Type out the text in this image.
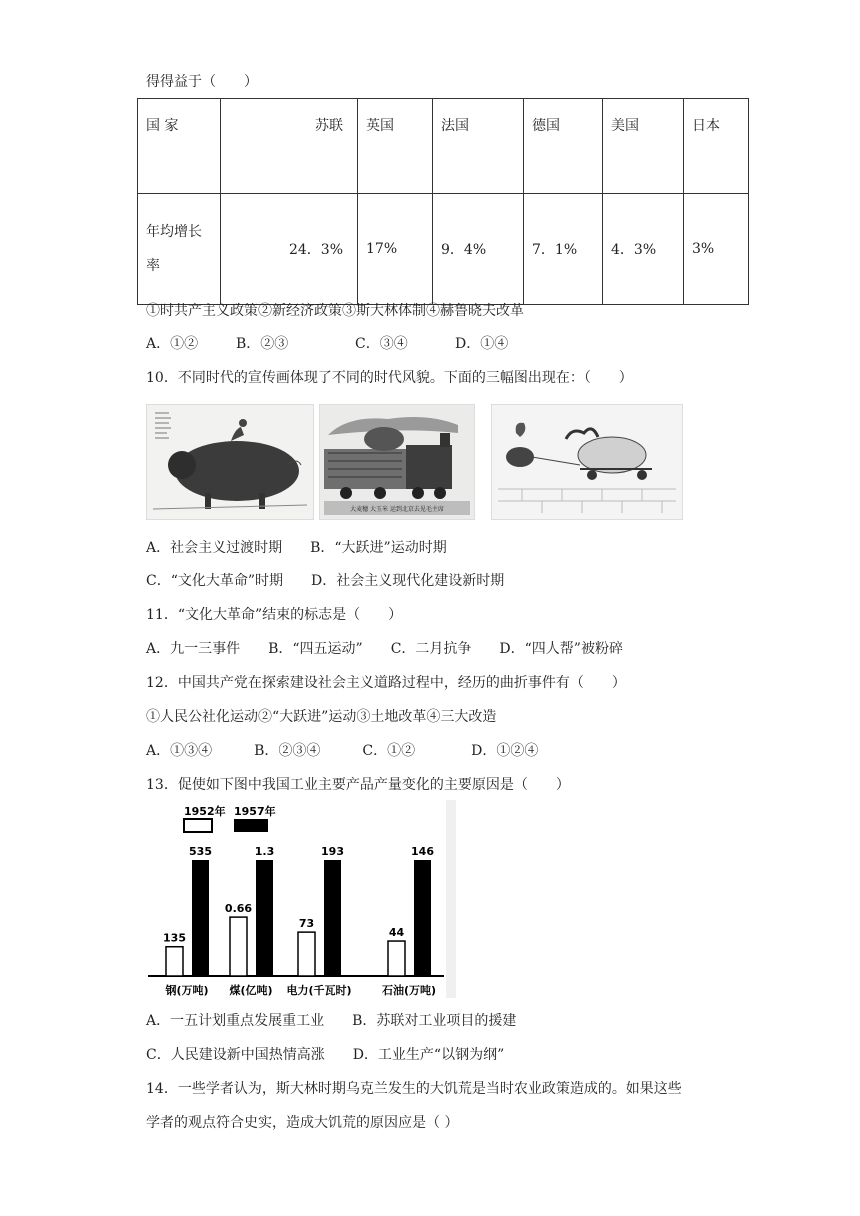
得得益于（　　）
国 家	苏联	英国	法国	德国	美国	日本
年均增长率	24．3%	17%	9．4%	7．1%	4．3%	3%
①时共产主义政策②新经济政策③斯大林体制④赫鲁晓夫改革
A．①②	B．②③	C．③④	D．①④
10．不同时代的宣传画体现了不同的时代风貌。下面的三幅图出现在：（　　）
大麦穗 大玉米 运到北京去见毛主席
A．社会主义过渡时期　　B．“大跃进”运动时期
C．“文化大革命”时期　　D．社会主义现代化建设新时期
11．“文化大革命”结束的标志是（　　）
A．九一三事件　　B．“四五运动”　　C．二月抗争　　D．“四人帮”被粉碎
12．中国共产党在探索建设社会主义道路过程中，经历的曲折事件有（　　）
①人民公社化运动②“大跃进”运动③土地改革④三大改造
A．①③④　　　B．②③④　　　C．①②　　　　D．①②④
13．促使如下图中我国工业主要产品产量变化的主要原因是（　　）
1952年 1957年
135
535
钢(万吨)
0.66
1.3
煤(亿吨)
73
193
电力(千瓦时)
44
146
石油(万吨)
A．一五计划重点发展重工业　　B．苏联对工业项目的援建
C．人民建设新中国热情高涨　　D．工业生产“以钢为纲”
14．一些学者认为，斯大林时期乌克兰发生的大饥荒是当时农业政策造成的。如果这些
学者的观点符合史实，造成大饥荒的原因应是（ ）
